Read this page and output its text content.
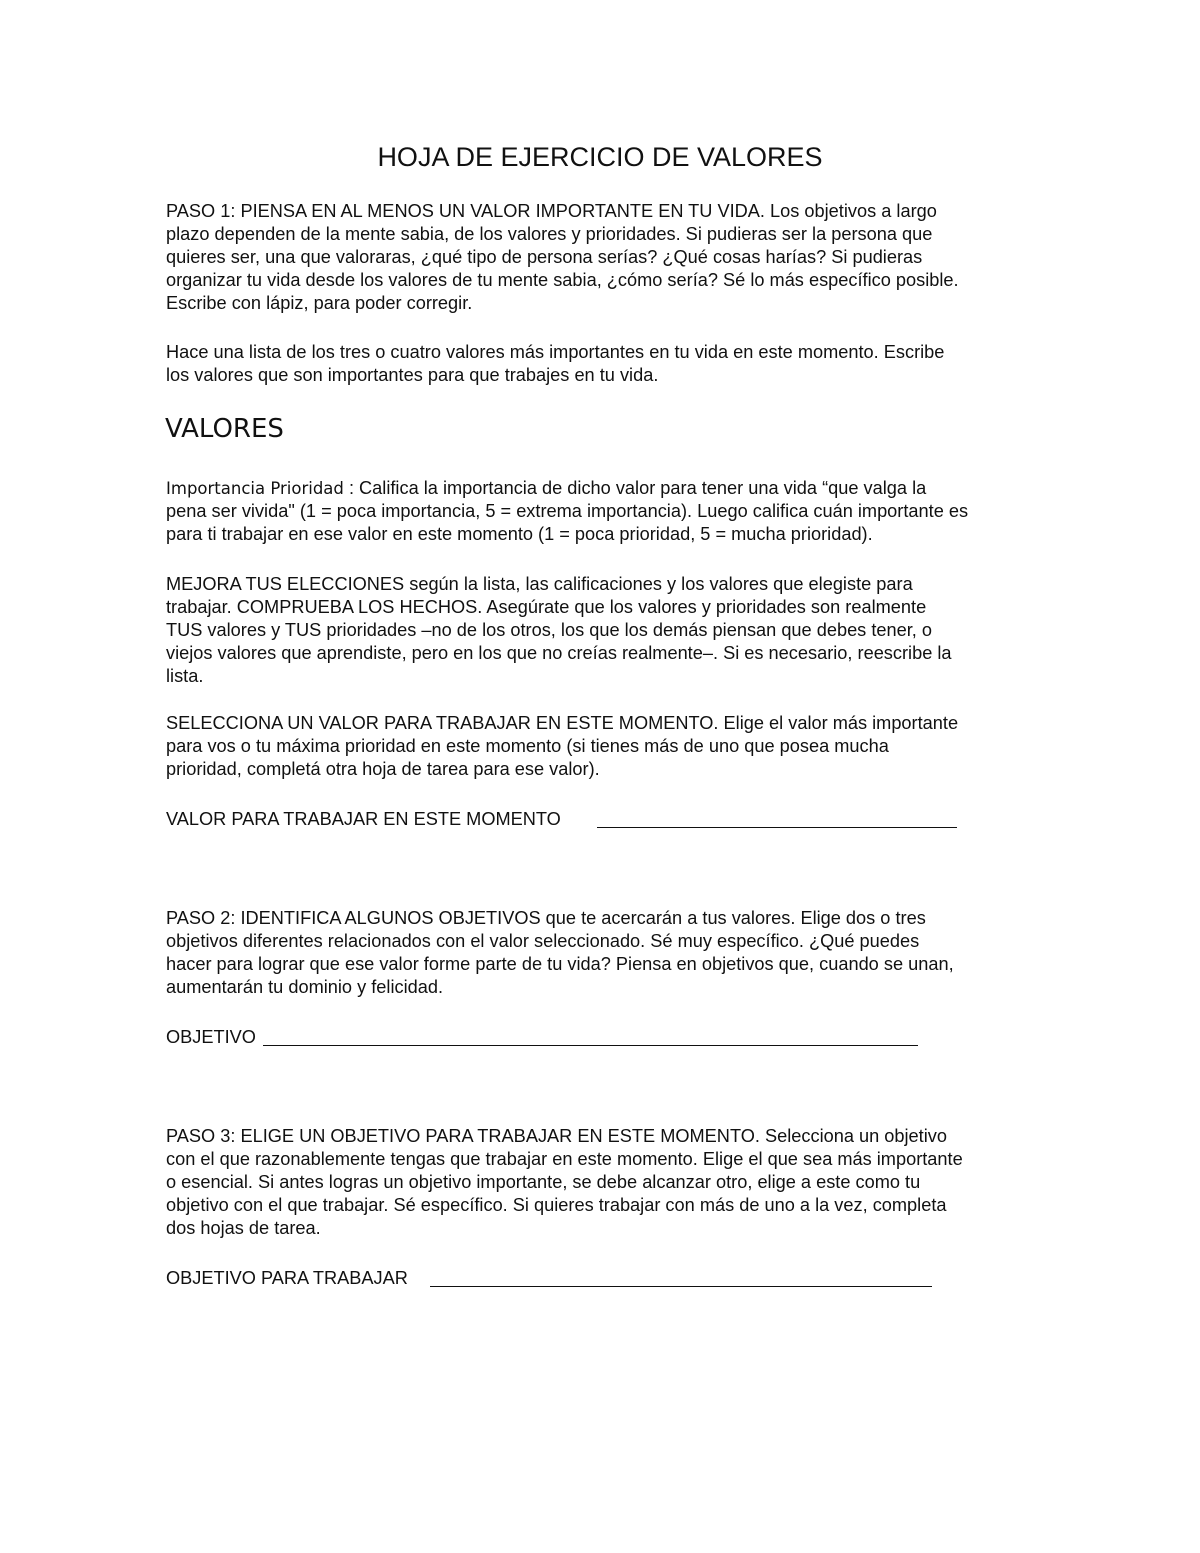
HOJA DE EJERCICIO DE VALORES
PASO 1: PIENSA EN AL MENOS UN VALOR IMPORTANTE EN TU VIDA. Los objetivos a largo
plazo dependen de la mente sabia, de los valores y prioridades. Si pudieras ser la persona que
quieres ser, una que valoraras, ¿qué tipo de persona serías? ¿Qué cosas harías? Si pudieras
organizar tu vida desde los valores de tu mente sabia, ¿cómo sería? Sé lo más específico posible.
Escribe con lápiz, para poder corregir.
Hace una lista de los tres o cuatro valores más importantes en tu vida en este momento. Escribe
los valores que son importantes para que trabajes en tu vida.
VALORES
Importancia Prioridad : Califica la importancia de dicho valor para tener una vida “que valga la
pena ser vivida" (1 = poca importancia, 5 = extrema importancia). Luego califica cuán importante es
para ti trabajar en ese valor en este momento (1 = poca prioridad, 5 = mucha prioridad).
MEJORA TUS ELECCIONES según la lista, las calificaciones y los valores que elegiste para
trabajar. COMPRUEBA LOS HECHOS. Asegúrate que los valores y prioridades son realmente
TUS valores y TUS prioridades –no de los otros, los que los demás piensan que debes tener, o
viejos valores que aprendiste, pero en los que no creías realmente–. Si es necesario, reescribe la
lista.
SELECCIONA UN VALOR PARA TRABAJAR EN ESTE MOMENTO. Elige el valor más importante
para vos o tu máxima prioridad en este momento (si tienes más de uno que posea mucha
prioridad, completá otra hoja de tarea para ese valor).
VALOR PARA TRABAJAR EN ESTE MOMENTO
PASO 2: IDENTIFICA ALGUNOS OBJETIVOS que te acercarán a tus valores. Elige dos o tres
objetivos diferentes relacionados con el valor seleccionado. Sé muy específico. ¿Qué puedes
hacer para lograr que ese valor forme parte de tu vida? Piensa en objetivos que, cuando se unan,
aumentarán tu dominio y felicidad.
OBJETIVO
PASO 3: ELIGE UN OBJETIVO PARA TRABAJAR EN ESTE MOMENTO. Selecciona un objetivo
con el que razonablemente tengas que trabajar en este momento. Elige el que sea más importante
o esencial. Si antes logras un objetivo importante, se debe alcanzar otro, elige a este como tu
objetivo con el que trabajar. Sé específico. Si quieres trabajar con más de uno a la vez, completa
dos hojas de tarea.
OBJETIVO PARA TRABAJAR
